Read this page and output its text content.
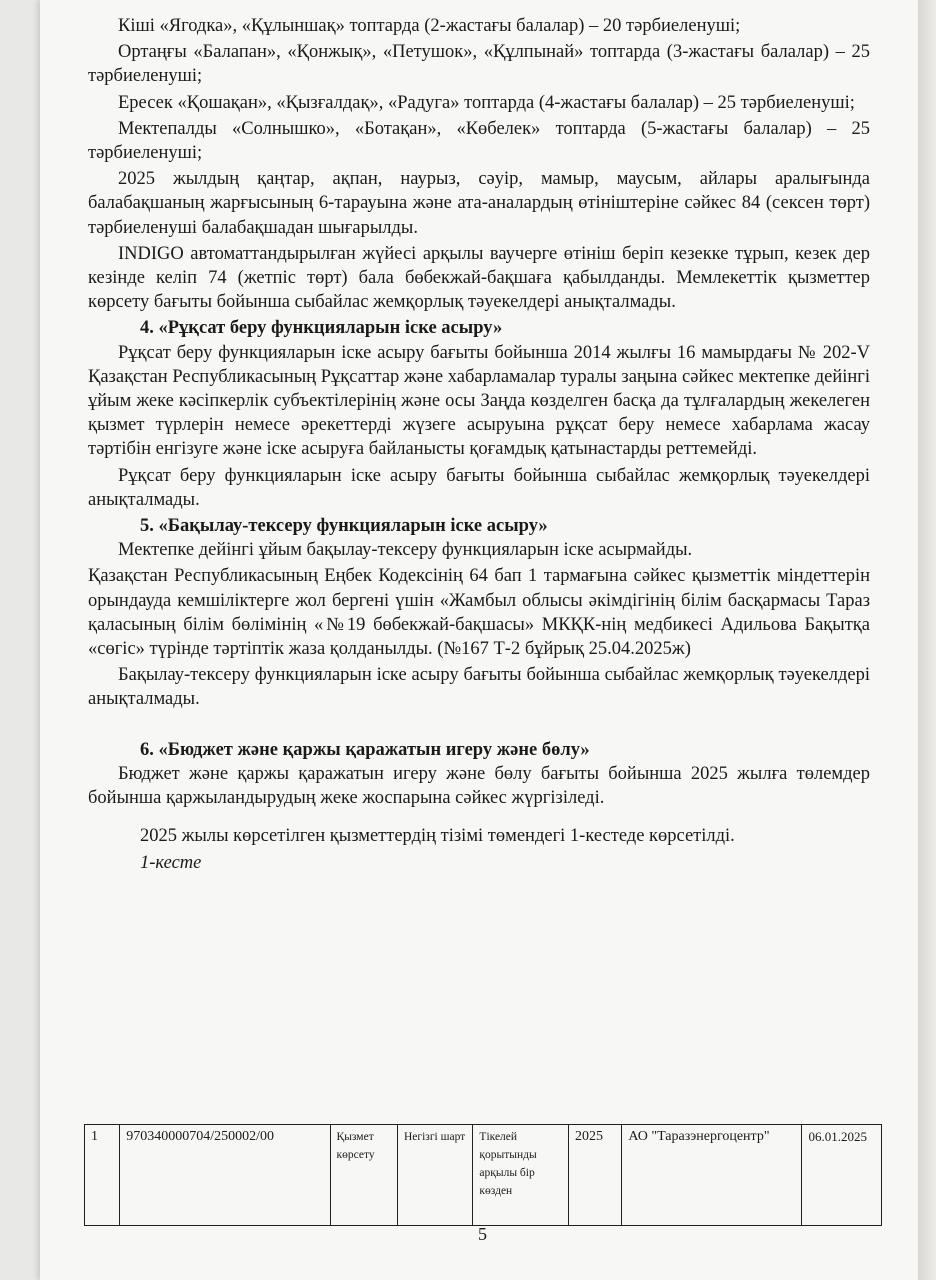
Кіші «Ягодка», «Құлыншақ» топтарда (2-жастағы балалар) – 20 тәрбиеленуші;

Ортаңғы «Балапан», «Қонжық», «Петушок», «Құлпынай» топтарда (3-жастағы балалар) – 25 тәрбиеленуші;

Ересек «Қошақан», «Қызғалдақ», «Радуга» топтарда (4-жастағы балалар) – 25 тәрбиеленуші;

Мектепалды «Солнышко», «Ботақан», «Көбелек» топтарда (5-жастағы балалар) – 25 тәрбиеленуші;

2025 жылдың қаңтар, ақпан, наурыз, сәуір, мамыр, маусым, айлары аралығында балабақшаның жарғысының 6-тарауына және ата-аналардың өтініштеріне сәйкес 84 (сексен төрт) тәрбиеленуші балабақшадан шығарылды.

INDIGO автоматтандырылған жүйесі арқылы ваучерге өтініш беріп кезекке тұрып, кезек дер кезінде келіп 74 (жетпіс төрт) бала бөбекжай-бақшаға қабылданды. Мемлекеттік қызметтер көрсету бағыты бойынша сыбайлас жемқорлық тәуекелдері анықталмады.

4. «Рұқсат беру функцияларын іске асыру»

Рұқсат беру функцияларын іске асыру бағыты бойынша 2014 жылғы 16 мамырдағы № 202-V Қазақстан Республикасының Рұқсаттар және хабарламалар туралы заңына сәйкес мектепке дейінгі ұйым жеке кәсіпкерлік субъектілерінің және осы Заңда көзделген басқа да тұлғалардың жекелеген қызмет түрлерін немесе әрекеттерді жүзеге асыруына рұқсат беру немесе хабарлама жасау тәртібін енгізуге және іске асыруға байланысты қоғамдық қатынастарды реттемейді.

Рұқсат беру функцияларын іске асыру бағыты бойынша сыбайлас жемқорлық тәуекелдері анықталмады.

5. «Бақылау-тексеру функцияларын іске асыру»

Мектепке дейінгі ұйым бақылау-тексеру функцияларын іске асырмайды.

Қазақстан Республикасының Еңбек Кодексінің 64 бап 1 тармағына сәйкес қызметтік міндеттерін орындауда кемшіліктерге жол бергені үшін «Жамбыл облысы әкімдігінің білім басқармасы Тараз қаласының білім бөлімінің «№19 бөбекжай-бақшасы» МКҚК-нің медбикесі Адильова Бақытқа «сөгіс» түрінде тәртіптік жаза қолданылды. (№167 Т-2 бұйрық 25.04.2025ж)

Бақылау-тексеру функцияларын іске асыру бағыты бойынша сыбайлас жемқорлық тәуекелдері анықталмады.

6. «Бюджет және қаржы қаражатын игеру және бөлу»

Бюджет және қаржы қаражатын игеру және бөлу бағыты бойынша 2025 жылға төлемдер бойынша қаржыландырудың жеке жоспарына сәйкес жүргізіледі.

2025 жылы көрсетілген қызметтердің тізімі төмендегі 1-кестеде көрсетілді.

1-кесте

1	970340000704/250002/00	Қызмет көрсету	Негізгі шарт	Тікелей қорытынды арқылы бір көзден	2025	АО "Таразэнергоцентр"	06.01.2025
5
